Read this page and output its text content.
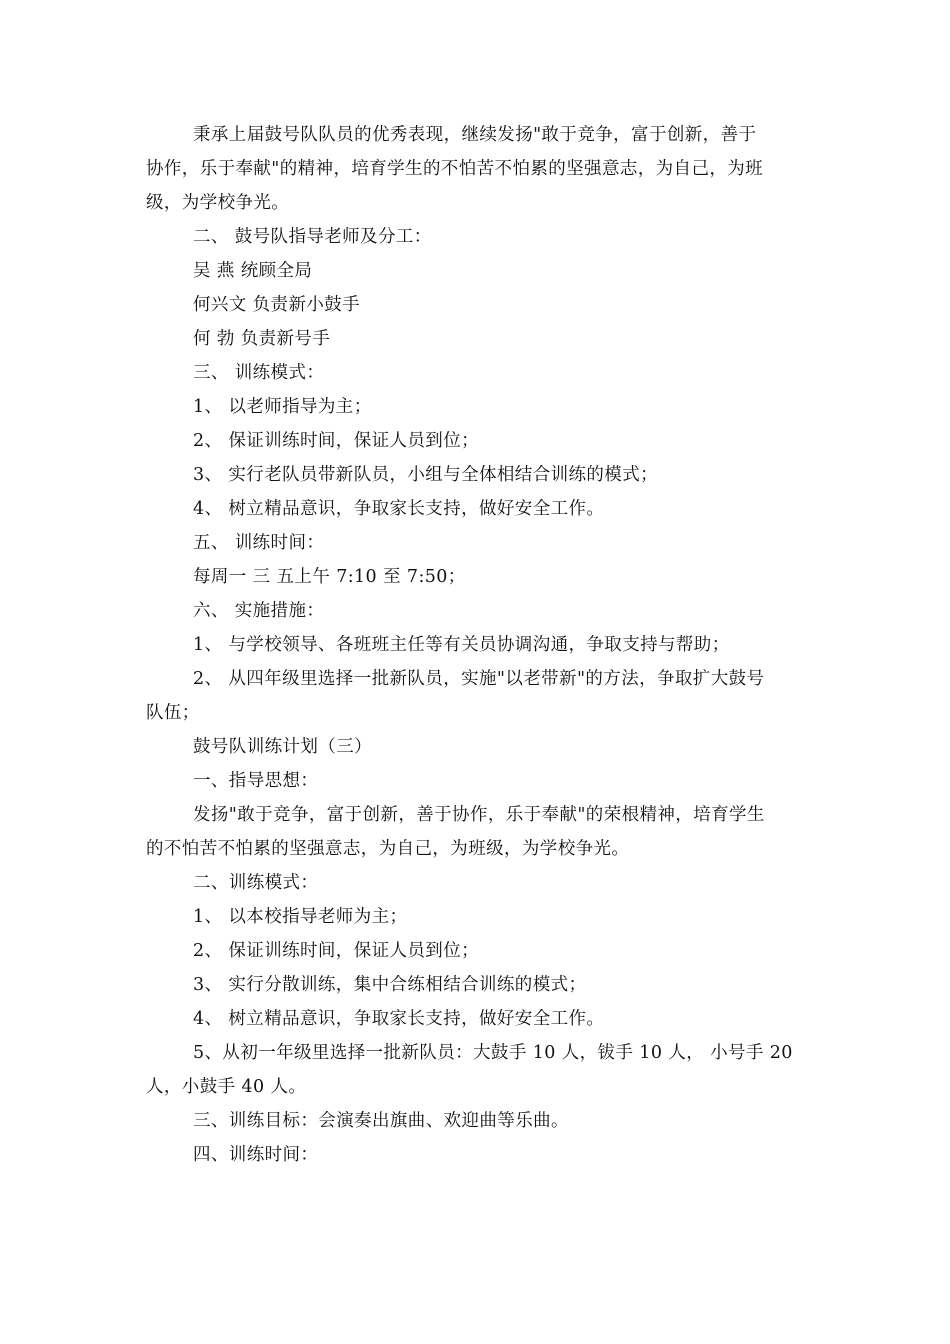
秉承上届鼓号队队员的优秀表现，继续发扬"敢于竞争，富于创新，善于
协作，乐于奉献"的精神，培育学生的不怕苦不怕累的坚强意志，为自己，为班
级，为学校争光。
二、 鼓号队指导老师及分工：
吴 燕 统顾全局
何兴文 负责新小鼓手
何 勃 负责新号手
三、 训练模式：
1、 以老师指导为主；
2、 保证训练时间，保证人员到位；
3、 实行老队员带新队员，小组与全体相结合训练的模式；
4、 树立精品意识，争取家长支持，做好安全工作。
五、 训练时间：
每周一 三 五上午 7:10 至 7:50；
六、 实施措施：
1、 与学校领导、各班班主任等有关员协调沟通，争取支持与帮助；
2、 从四年级里选择一批新队员，实施"以老带新"的方法，争取扩大鼓号
队伍；
鼓号队训练计划（三）
一、指导思想：
发扬"敢于竞争，富于创新，善于协作，乐于奉献"的荣根精神，培育学生
的不怕苦不怕累的坚强意志，为自己，为班级，为学校争光。
二、训练模式：
1、 以本校指导老师为主；
2、 保证训练时间，保证人员到位；
3、 实行分散训练，集中合练相结合训练的模式；
4、 树立精品意识，争取家长支持，做好安全工作。
5、从初一年级里选择一批新队员：大鼓手 10 人，钹手 10 人， 小号手 20
人，小鼓手 40 人。
三、训练目标：会演奏出旗曲、欢迎曲等乐曲。
四、训练时间：
